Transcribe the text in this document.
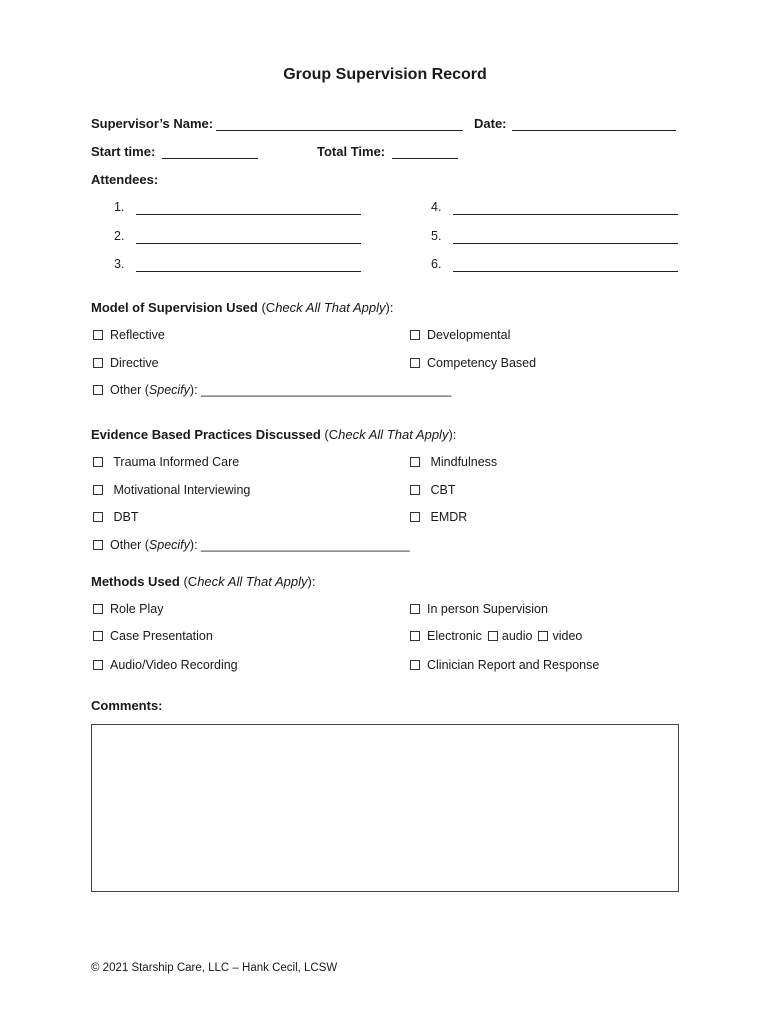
Group Supervision Record
Supervisor’s Name:	Date:
Start time:	Total Time:
Attendees:
1.
2.
3.
4.
5.
6.
Model of Supervision Used (Check All That Apply):
Reflective	Developmental
Directive	Competency Based
Other (Specify): ____________________________________
Evidence Based Practices Discussed (Check All That Apply):
Trauma Informed Care	Mindfulness
Motivational Interviewing	CBT
DBT	EMDR
Other (Specify): ______________________________
Methods Used (Check All That Apply):
Role Play	In person Supervision
Case Presentation	Electronic audio video
Audio/Video Recording	Clinician Report and Response
Comments:
© 2021 Starship Care, LLC – Hank Cecil, LCSW
